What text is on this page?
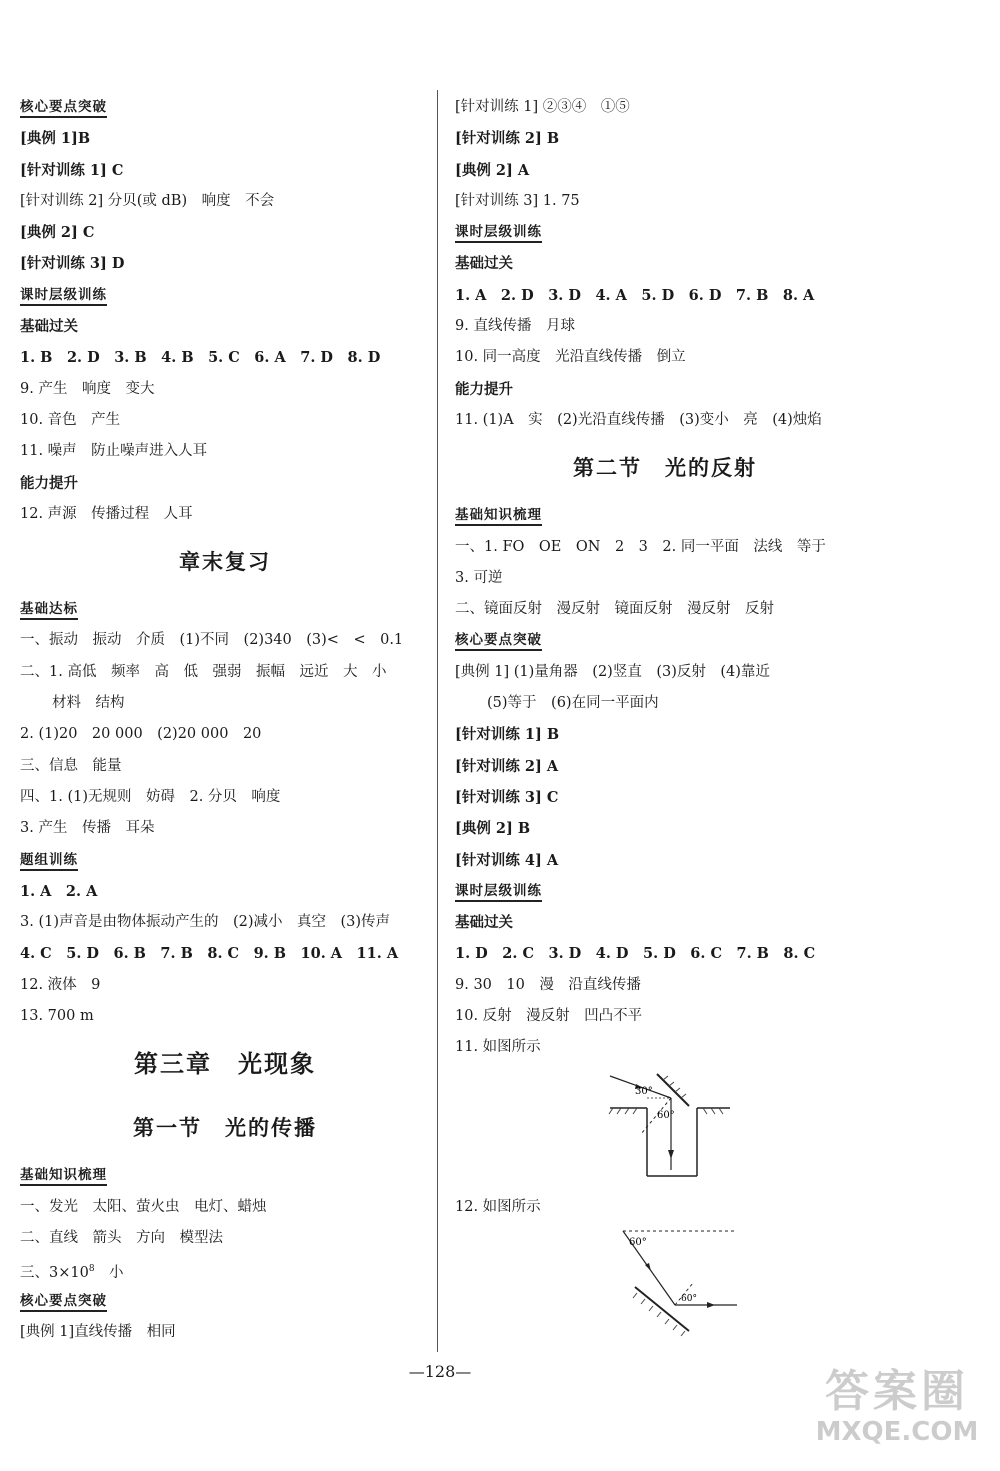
核心要点突破
[典例 1]B
[针对训练 1] C
[针对训练 2] 分贝(或 dB)　响度　不会
[典例 2] C
[针对训练 3] D
课时层级训练
基础过关
1. B　2. D　3. B　4. B　5. C　6. A　7. D　8. D
9. 产生　响度　变大
10. 音色　产生
11. 噪声　防止噪声进入人耳
能力提升
12. 声源　传播过程　人耳
章末复习
基础达标
一、振动　振动　介质　(1)不同　(2)340　(3)<　<　0.1
二、1. 高低　频率　高　低　强弱　振幅　远近　大　小
材料　结构
2. (1)20　20 000　(2)20 000　20
三、信息　能量
四、1. (1)无规则　妨碍　2. 分贝　响度
3. 产生　传播　耳朵
题组训练
1. A　2. A
3. (1)声音是由物体振动产生的　(2)减小　真空　(3)传声
4. C　5. D　6. B　7. B　8. C　9. B　10. A　11. A
12. 液体　9
13. 700 m
第三章　光现象
第一节　光的传播
基础知识梳理
一、发光　太阳、萤火虫　电灯、蜡烛
二、直线　箭头　方向　模型法
三、$3\times 10^8$　小
核心要点突破
[典例 1]直线传播　相同
[针对训练 1] ②③④　①⑤
[针对训练 2] B
[典例 2] A
[针对训练 3] 1. 75
课时层级训练
基础过关
1. A　2. D　3. D　4. A　5. D　6. D　7. B　8. A
9. 直线传播　月球
10. 同一高度　光沿直线传播　倒立
能力提升
11. (1)A　实　(2)光沿直线传播　(3)变小　亮　(4)烛焰
第二节　光的反射
基础知识梳理
一、1. FO　OE　ON　2　3　2. 同一平面　法线　等于
3. 可逆
二、镜面反射　漫反射　镜面反射　漫反射　反射
核心要点突破
[典例 1] (1)量角器　(2)竖直　(3)反射　(4)靠近
(5)等于　(6)在同一平面内
[针对训练 1] B
[针对训练 2] A
[针对训练 3] C
[典例 2] B
[针对训练 4] A
课时层级训练
基础过关
1. D　2. C　3. D　4. D　5. D　6. C　7. B　8. C
9. 30　10　漫　沿直线传播
10. 反射　漫反射　凹凸不平
11. 如图所示
30°
60°
12. 如图所示
60°
60°
—128—	答案圈
MXQE.COM
